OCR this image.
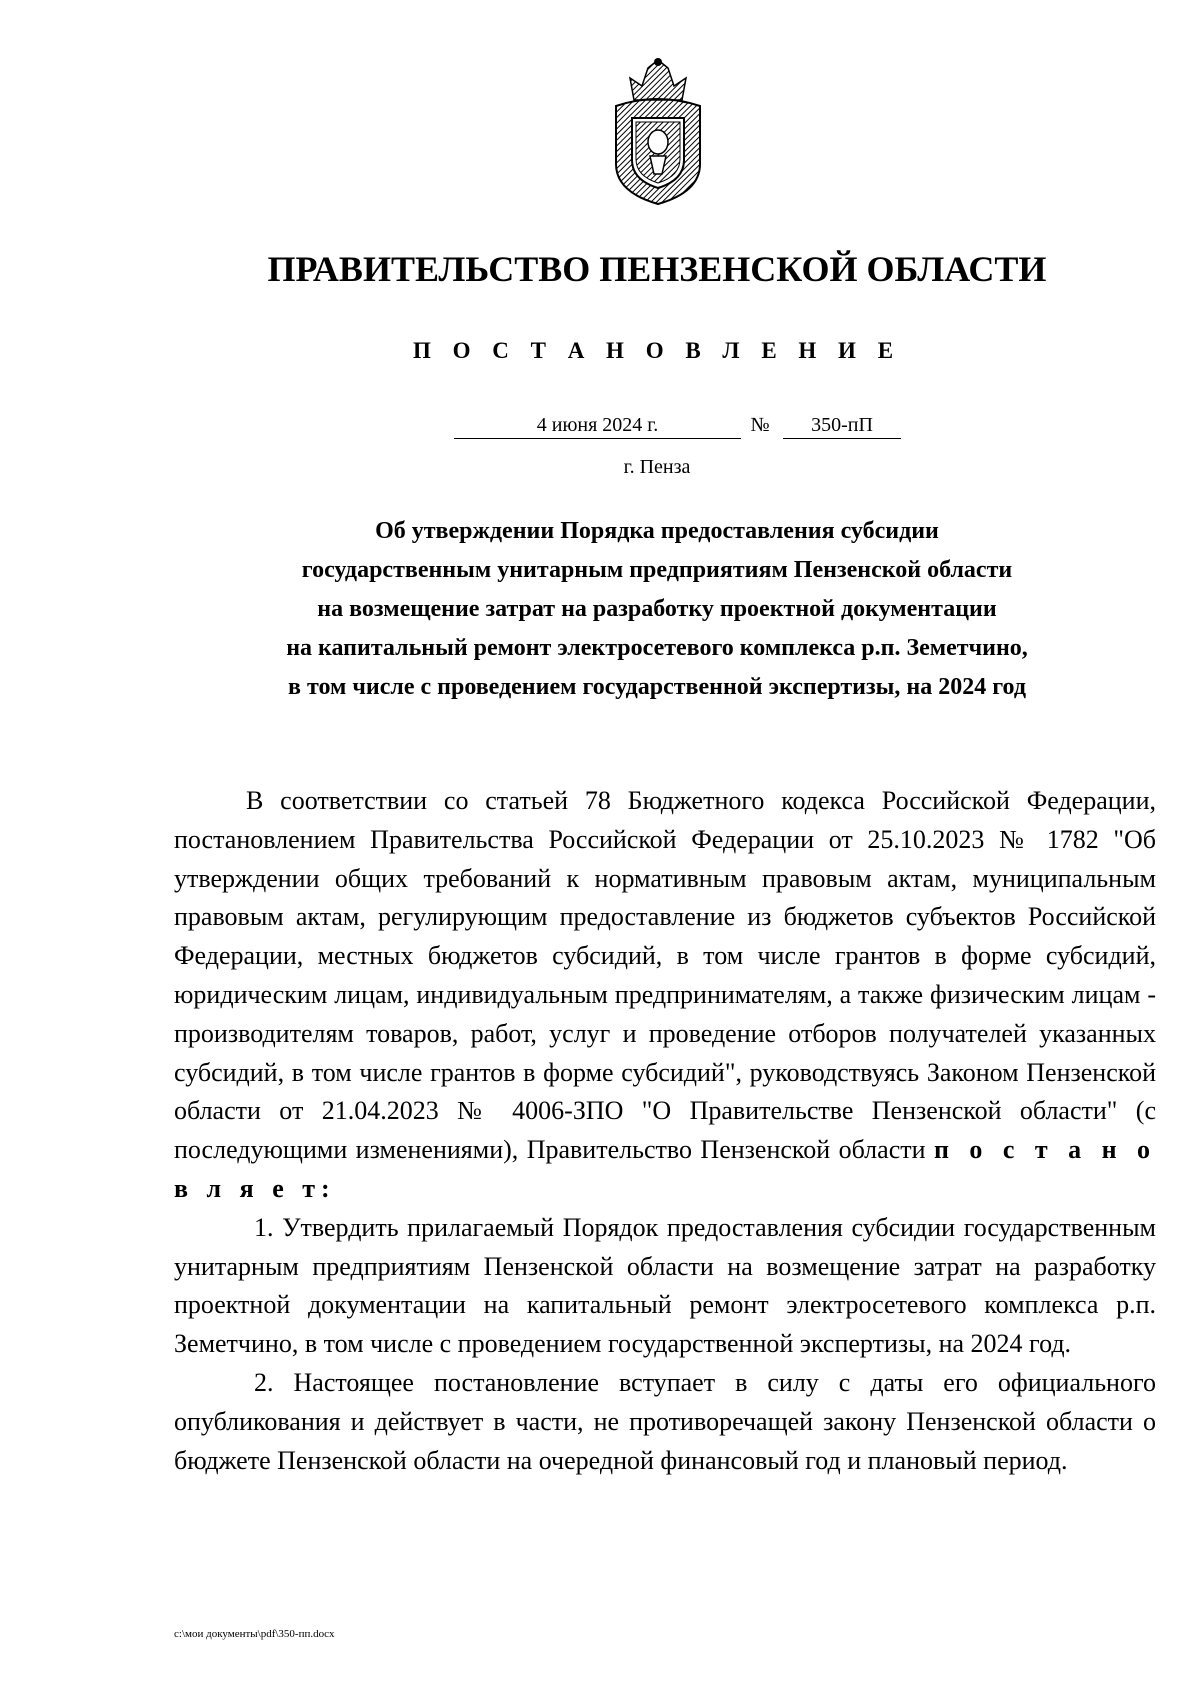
ПРАВИТЕЛЬСТВО ПЕНЗЕНСКОЙ ОБЛАСТИ
П О С Т А Н О В Л Е Н И Е
4 июня 2024 г.	№	350-пП
г. Пенза
Об утверждении Порядка предоставления субсидии
государственным унитарным предприятиям Пензенской области
на возмещение затрат на разработку проектной документации
на капитальный ремонт электросетевого комплекса р.п. Земетчино,
в том числе с проведением государственной экспертизы, на 2024 год

В соответствии со статьей 78 Бюджетного кодекса Российской Федерации, постановлением Правительства Российской Федерации от 25.10.2023 № 1782 "Об утверждении общих требований к нормативным правовым актам, муниципальным правовым актам, регулирующим предоставление из бюджетов субъектов Российской Федерации, местных бюджетов субсидий, в том числе грантов в форме субсидий, юридическим лицам, индивидуальным предпринимателям, а также физическим лицам - производителям товаров, работ, услуг и проведение отборов получателей указанных субсидий, в том числе грантов в форме субсидий", руководствуясь Законом Пензенской области от 21.04.2023 № 4006-ЗПО "О Правительстве Пензенской области" (с последующими изменениями), Правительство Пензенской области п о с т а н о в л я е т:

1. Утвердить прилагаемый Порядок предоставления субсидии государственным унитарным предприятиям Пензенской области на возмещение затрат на разработку проектной документации на капитальный ремонт электросетевого комплекса р.п. Земетчино, в том числе с проведением государственной экспертизы, на 2024 год.

2. Настоящее постановление вступает в силу с даты его официального опубликования и действует в части, не противоречащей закону Пензенской области о бюджете Пензенской области на очередной финансовый год и плановый период.

c:\мои документы\pdf\350-пп.docx
